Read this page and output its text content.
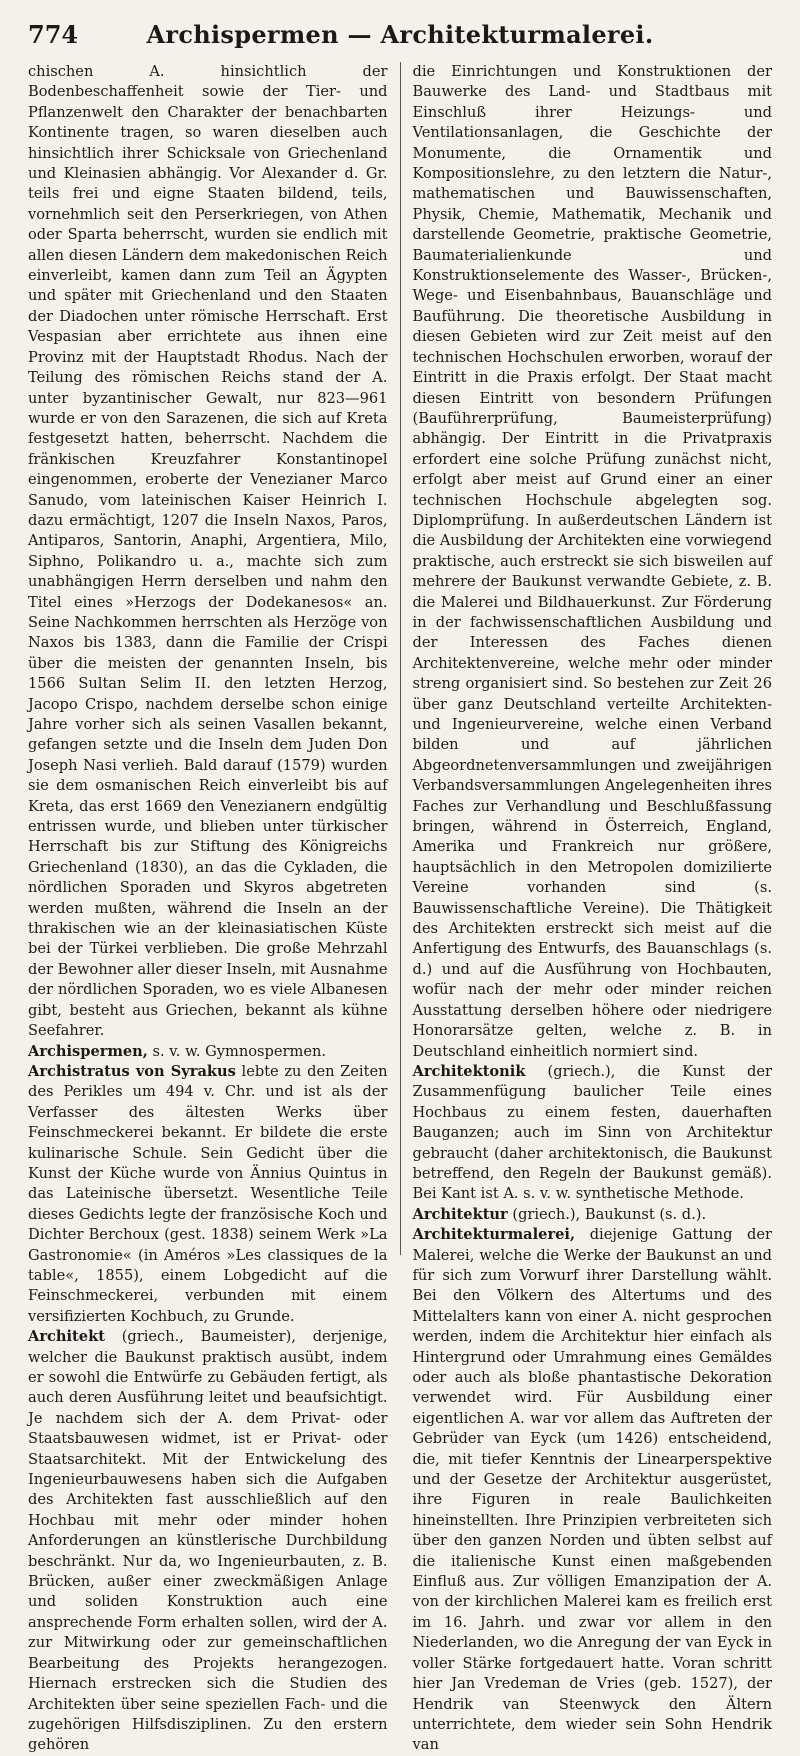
774	Archispermen — Architekturmalerei.

chischen A. hinsichtlich der Bodenbeschaffenheit sowie der Tier- und Pflanzenwelt den Charakter der benachbarten Kontinente tragen, so waren dieselben auch hinsichtlich ihrer Schicksale von Griechenland und Kleinasien abhängig. Vor Alexander d. Gr. teils frei und eigne Staaten bildend, teils, vornehmlich seit den Perserkriegen, von Athen oder Sparta beherrscht, wurden sie endlich mit allen diesen Ländern dem makedonischen Reich einverleibt, kamen dann zum Teil an Ägypten und später mit Griechenland und den Staaten der Diadochen unter römische Herrschaft. Erst Vespasian aber errichtete aus ihnen eine Provinz mit der Hauptstadt Rhodus. Nach der Teilung des römischen Reichs stand der A. unter byzantinischer Gewalt, nur 823—961 wurde er von den Sarazenen, die sich auf Kreta festgesetzt hatten, beherrscht. Nachdem die fränkischen Kreuzfahrer Konstantinopel eingenommen, eroberte der Venezianer Marco Sanudo, vom lateinischen Kaiser Heinrich I. dazu ermächtigt, 1207 die Inseln Naxos, Paros, Antiparos, Santorin, Anaphi, Argentiera, Milo, Siphno, Polikandro u. a., machte sich zum unabhängigen Herrn derselben und nahm den Titel eines »Herzogs der Dodekanesos« an. Seine Nachkommen herrschten als Herzöge von Naxos bis 1383, dann die Familie der Crispi über die meisten der genannten Inseln, bis 1566 Sultan Selim II. den letzten Herzog, Jacopo Crispo, nachdem derselbe schon einige Jahre vorher sich als seinen Vasallen bekannt, gefangen setzte und die Inseln dem Juden Don Joseph Nasi verlieh. Bald darauf (1579) wurden sie dem osmanischen Reich einverleibt bis auf Kreta, das erst 1669 den Venezianern endgültig entrissen wurde, und blieben unter türkischer Herrschaft bis zur Stiftung des Königreichs Griechenland (1830), an das die Cykladen, die nördlichen Sporaden und Skyros abgetreten werden mußten, während die Inseln an der thrakischen wie an der kleinasiatischen Küste bei der Türkei verblieben. Die große Mehrzahl der Bewohner aller dieser Inseln, mit Ausnahme der nördlichen Sporaden, wo es viele Albanesen gibt, besteht aus Griechen, bekannt als kühne Seefahrer.

Archispermen, s. v. w. Gymnospermen.

Archistratus von Syrakus lebte zu den Zeiten des Perikles um 494 v. Chr. und ist als der Verfasser des ältesten Werks über Feinschmeckerei bekannt. Er bildete die erste kulinarische Schule. Sein Gedicht über die Kunst der Küche wurde von Ännius Quintus in das Lateinische übersetzt. Wesentliche Teile dieses Gedichts legte der französische Koch und Dichter Berchoux (gest. 1838) seinem Werk »La Gastronomie« (in Améros »Les classiques de la table«, 1855), einem Lobgedicht auf die Feinschmeckerei, verbunden mit einem versifizierten Kochbuch, zu Grunde.

Architekt (griech., Baumeister), derjenige, welcher die Baukunst praktisch ausübt, indem er sowohl die Entwürfe zu Gebäuden fertigt, als auch deren Ausführung leitet und beaufsichtigt. Je nachdem sich der A. dem Privat- oder Staatsbauwesen widmet, ist er Privat- oder Staatsarchitekt. Mit der Entwickelung des Ingenieurbauwesens haben sich die Aufgaben des Architekten fast ausschließlich auf den Hochbau mit mehr oder minder hohen Anforderungen an künstlerische Durchbildung beschränkt. Nur da, wo Ingenieurbauten, z. B. Brücken, außer einer zweckmäßigen Anlage und soliden Konstruktion auch eine ansprechende Form erhalten sollen, wird der A. zur Mitwirkung oder zur gemeinschaftlichen Bearbeitung des Projekts herangezogen. Hiernach erstrecken sich die Studien des Architekten über seine speziellen Fach- und die zugehörigen Hilfsdisziplinen. Zu den erstern gehören

die Einrichtungen und Konstruktionen der Bauwerke des Land- und Stadtbaus mit Einschluß ihrer Heizungs- und Ventilationsanlagen, die Geschichte der Monumente, die Ornamentik und Kompositionslehre, zu den letztern die Natur-, mathematischen und Bauwissenschaften, Physik, Chemie, Mathematik, Mechanik und darstellende Geometrie, praktische Geometrie, Baumaterialienkunde und Konstruktionselemente des Wasser-, Brücken-, Wege- und Eisenbahnbaus, Bauanschläge und Bauführung. Die theoretische Ausbildung in diesen Gebieten wird zur Zeit meist auf den technischen Hochschulen erworben, worauf der Eintritt in die Praxis erfolgt. Der Staat macht diesen Eintritt von besondern Prüfungen (Bauführerprüfung, Baumeisterprüfung) abhängig. Der Eintritt in die Privatpraxis erfordert eine solche Prüfung zunächst nicht, erfolgt aber meist auf Grund einer an einer technischen Hochschule abgelegten sog. Diplomprüfung. In außerdeutschen Ländern ist die Ausbildung der Architekten eine vorwiegend praktische, auch erstreckt sie sich bisweilen auf mehrere der Baukunst verwandte Gebiete, z. B. die Malerei und Bildhauerkunst. Zur Förderung in der fachwissenschaftlichen Ausbildung und der Interessen des Faches dienen Architektenvereine, welche mehr oder minder streng organisiert sind. So bestehen zur Zeit 26 über ganz Deutschland verteilte Architekten- und Ingenieurvereine, welche einen Verband bilden und auf jährlichen Abgeordnetenversammlungen und zweijährigen Verbandsversammlungen Angelegenheiten ihres Faches zur Verhandlung und Beschlußfassung bringen, während in Österreich, England, Amerika und Frankreich nur größere, hauptsächlich in den Metropolen domizilierte Vereine vorhanden sind (s. Bauwissenschaftliche Vereine). Die Thätigkeit des Architekten erstreckt sich meist auf die Anfertigung des Entwurfs, des Bauanschlags (s. d.) und auf die Ausführung von Hochbauten, wofür nach der mehr oder minder reichen Ausstattung derselben höhere oder niedrigere Honorarsätze gelten, welche z. B. in Deutschland einheitlich normiert sind.

Architektonik (griech.), die Kunst der Zusammenfügung baulicher Teile eines Hochbaus zu einem festen, dauerhaften Bauganzen; auch im Sinn von Architektur gebraucht (daher architektonisch, die Baukunst betreffend, den Regeln der Baukunst gemäß). Bei Kant ist A. s. v. w. synthetische Methode.

Architektur (griech.), Baukunst (s. d.).

Architekturmalerei, diejenige Gattung der Malerei, welche die Werke der Baukunst an und für sich zum Vorwurf ihrer Darstellung wählt. Bei den Völkern des Altertums und des Mittelalters kann von einer A. nicht gesprochen werden, indem die Architektur hier einfach als Hintergrund oder Umrahmung eines Gemäldes oder auch als bloße phantastische Dekoration verwendet wird. Für Ausbildung einer eigentlichen A. war vor allem das Auftreten der Gebrüder van Eyck (um 1426) entscheidend, die, mit tiefer Kenntnis der Linearperspektive und der Gesetze der Architektur ausgerüstet, ihre Figuren in reale Baulichkeiten hineinstellten. Ihre Prinzipien verbreiteten sich über den ganzen Norden und übten selbst auf die italienische Kunst einen maßgebenden Einfluß aus. Zur völligen Emanzipation der A. von der kirchlichen Malerei kam es freilich erst im 16. Jahrh. und zwar vor allem in den Niederlanden, wo die Anregung der van Eyck in voller Stärke fortgedauert hatte. Voran schritt hier Jan Vredeman de Vries (geb. 1527), der Hendrik van Steenwyck den Ältern unterrichtete, dem wieder sein Sohn Hendrik van
